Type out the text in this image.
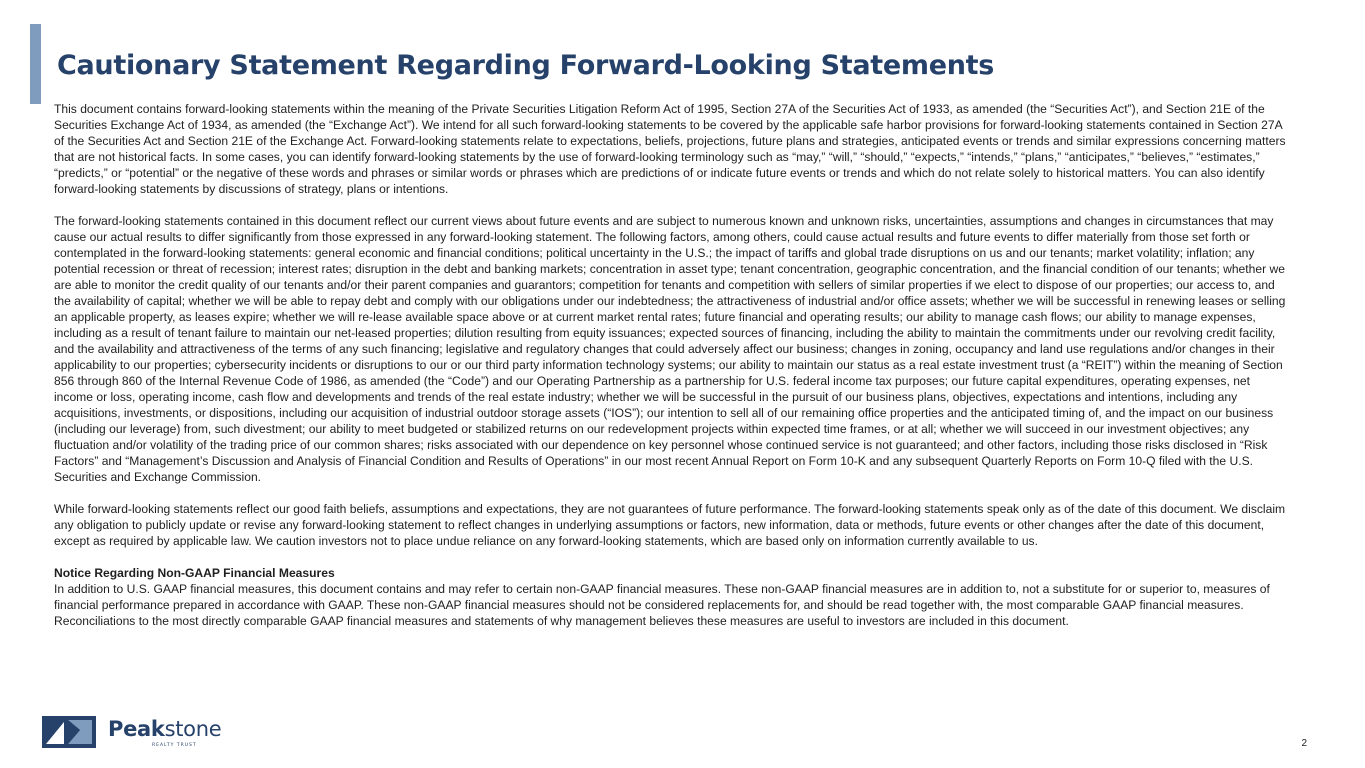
Cautionary Statement Regarding Forward-Looking Statements

This document contains forward-looking statements within the meaning of the Private Securities Litigation Reform Act of 1995, Section 27A of the Securities Act of 1933, as amended (the “Securities Act”), and Section 21E of the Securities Exchange Act of 1934, as amended (the “Exchange Act”). We intend for all such forward-looking statements to be covered by the applicable safe harbor provisions for forward-looking statements contained in Section 27A of the Securities Act and Section 21E of the Exchange Act. Forward-looking statements relate to expectations, beliefs, projections, future plans and strategies, anticipated events or trends and similar expressions concerning matters that are not historical facts. In some cases, you can identify forward-looking statements by the use of forward-looking terminology such as “may,” “will,” “should,” “expects,” “intends,” “plans,” “anticipates,” “believes,” “estimates,” “predicts,” or “potential” or the negative of these words and phrases or similar words or phrases which are predictions of or indicate future events or trends and which do not relate solely to historical matters. You can also identify forward-looking statements by discussions of strategy, plans or intentions.

The forward-looking statements contained in this document reflect our current views about future events and are subject to numerous known and unknown risks, uncertainties, assumptions and changes in circumstances that may cause our actual results to differ significantly from those expressed in any forward-looking statement. The following factors, among others, could cause actual results and future events to differ materially from those set forth or contemplated in the forward-looking statements: general economic and financial conditions; political uncertainty in the U.S.; the impact of tariffs and global trade disruptions on us and our tenants; market volatility; inflation; any potential recession or threat of recession; interest rates; disruption in the debt and banking markets; concentration in asset type; tenant concentration, geographic concentration, and the financial condition of our tenants; whether we are able to monitor the credit quality of our tenants and/or their parent companies and guarantors; competition for tenants and competition with sellers of similar properties if we elect to dispose of our properties; our access to, and the availability of capital; whether we will be able to repay debt and comply with our obligations under our indebtedness; the attractiveness of industrial and/or office assets; whether we will be successful in renewing leases or selling an applicable property, as leases expire; whether we will re-lease available space above or at current market rental rates; future financial and operating results; our ability to manage cash flows; our ability to manage expenses, including as a result of tenant failure to maintain our net-leased properties; dilution resulting from equity issuances; expected sources of financing, including the ability to maintain the commitments under our revolving credit facility, and the availability and attractiveness of the terms of any such financing; legislative and regulatory changes that could adversely affect our business; changes in zoning, occupancy and land use regulations and/or changes in their applicability to our properties; cybersecurity incidents or disruptions to our or our third party information technology systems; our ability to maintain our status as a real estate investment trust (a “REIT”) within the meaning of Section 856 through 860 of the Internal Revenue Code of 1986, as amended (the “Code”) and our Operating Partnership as a partnership for U.S. federal income tax purposes; our future capital expenditures, operating expenses, net income or loss, operating income, cash flow and developments and trends of the real estate industry; whether we will be successful in the pursuit of our business plans, objectives, expectations and intentions, including any acquisitions, investments, or dispositions, including our acquisition of industrial outdoor storage assets (“IOS”); our intention to sell all of our remaining office properties and the anticipated timing of, and the impact on our business (including our leverage) from, such divestment; our ability to meet budgeted or stabilized returns on our redevelopment projects within expected time frames, or at all; whether we will succeed in our investment objectives; any fluctuation and/or volatility of the trading price of our common shares; risks associated with our dependence on key personnel whose continued service is not guaranteed; and other factors, including those risks disclosed in “Risk Factors” and “Management’s Discussion and Analysis of Financial Condition and Results of Operations” in our most recent Annual Report on Form 10-K and any subsequent Quarterly Reports on Form 10-Q filed with the U.S. Securities and Exchange Commission.

While forward-looking statements reflect our good faith beliefs, assumptions and expectations, they are not guarantees of future performance. The forward-looking statements speak only as of the date of this document. We disclaim any obligation to publicly update or revise any forward-looking statement to reflect changes in underlying assumptions or factors, new information, data or methods, future events or other changes after the date of this document, except as required by applicable law. We caution investors not to place undue reliance on any forward-looking statements, which are based only on information currently available to us.

Notice Regarding Non-GAAP Financial Measures

In addition to U.S. GAAP financial measures, this document contains and may refer to certain non-GAAP financial measures. These non-GAAP financial measures are in addition to, not a substitute for or superior to, measures of financial performance prepared in accordance with GAAP. These non-GAAP financial measures should not be considered replacements for, and should be read together with, the most comparable GAAP financial measures. Reconciliations to the most directly comparable GAAP financial measures and statements of why management believes these measures are useful to investors are included in this document.

Peakstone
REALTY TRUST	2
